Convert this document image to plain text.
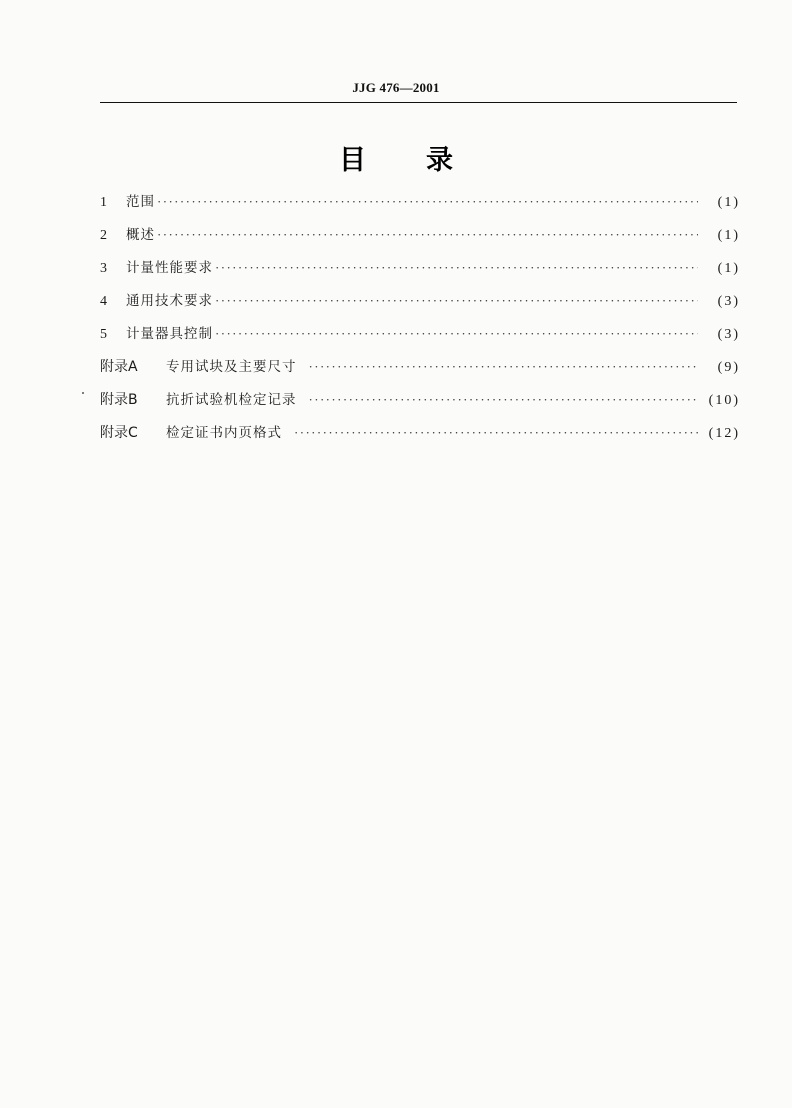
JJG 476—2001
目录
1	范围 ·····	(1)
2	概述 ·····	(1)
3	计量性能要求 ·····	(1)
4	通用技术要求 ·····	(3)
5	计量器具控制 ·····	(3)
附录A	专用试块及主要尺寸 ·····	(9)
附录B	抗折试验机检定记录 ·····	(10)
附录C	检定证书内页格式 ·····	(12)
